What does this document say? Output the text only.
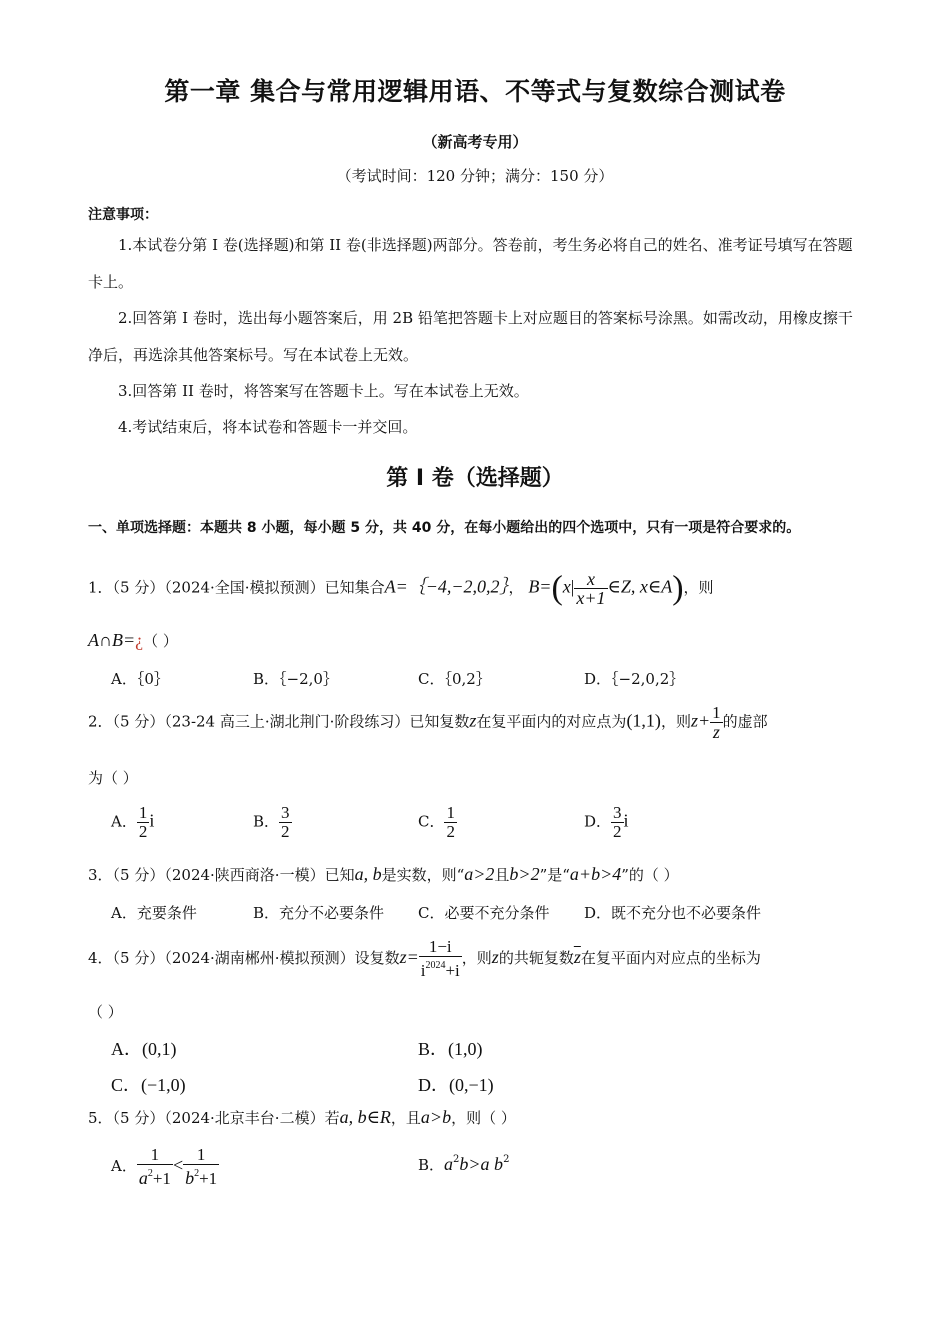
第一章 集合与常用逻辑用语、不等式与复数综合测试卷
（新高考专用）
（考试时间：120 分钟；满分：150 分）
注意事项：
1.本试卷分第 I 卷(选择题)和第 II 卷(非选择题)两部分。答卷前，考生务必将自己的姓名、准考证号填写在答题卡上。
2.回答第 I 卷时，选出每小题答案后，用 2B 铅笔把答题卡上对应题目的答案标号涂黑。如需改动，用橡皮擦干净后，再选涂其他答案标号。写在本试卷上无效。
3.回答第 II 卷时，将答案写在答题卡上。写在本试卷上无效。
4.考试结束后，将本试卷和答题卡一并交回。
第 I 卷（选择题）
一、单项选择题：本题共 8 小题，每小题 5 分，共 40 分，在每小题给出的四个选项中，只有一项是符合要求的。
1．（5 分）（2024·全国·模拟预测）已知集合A=｛−4,−2,0,2｝， $B=(x| \frac{x}{x+1}$ ∈Z, x∈A)，则
A∩B=¿（ ）
A．｛0｝	B．｛−2,0｝	C．｛0,2｝	D．｛−2,0,2｝
2．（5 分）（23-24 高三上·湖北荆门·阶段练习）已知复数z在复平面内的对应点为(1,1)，则$z+ \frac{1}{z}$ 的虚部
为（ ）
A． $\frac{1}{2}$ i	B． $\frac{3}{2}$	C． $\frac{1}{2}$	D． $\frac{3}{2}$ i
3．（5 分）（2024·陕西商洛·一模）已知a, b是实数，则“a>2且b>2”是“a+b>4”的（ ）
A．充要条件	B．充分不必要条件 C．必要不充分条件 D．既不充分也不必要条件
4．（5 分）（2024·湖南郴州·模拟预测）设复数$z= \frac{1-i}{i^{2024}+i}$ ，则z的共轭复数$\overline{z}$在复平面内对应点的坐标为
（ ）
A．(0,1)	B．(1,0)
C．(−1,0)	D．(0,−1)
5．（5 分）（2024·北京丰台·二模）若a, b∈R，且a>b，则（ ）
A． $\frac{1}{a^2+1} < \frac{1}{b^2+1}$	B．$a^2b>a$ $b^2$
